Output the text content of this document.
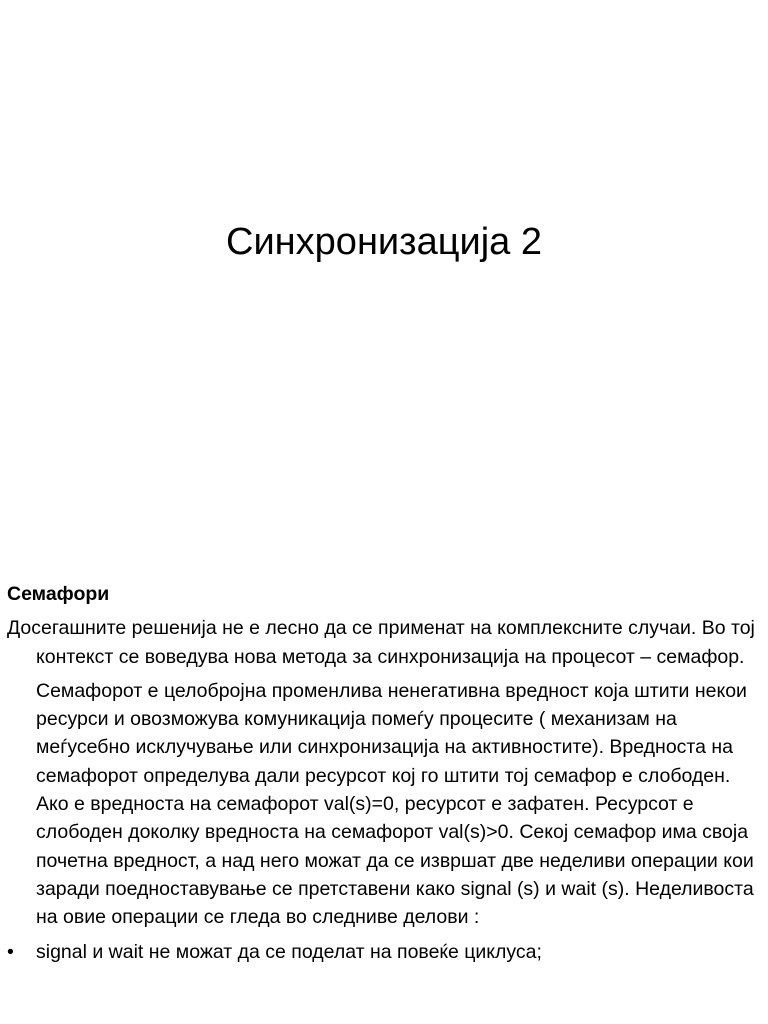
Синхронизација 2
Семафори

Досегашните решенија не е лесно да се применат на комплексните случаи. Во тој контекст се воведува нова метода за синхронизација на процесот – семафор.

Семафорот е целобројна променлива ненегативна вредност која штити некои ресурси и овозможува комуникација помеѓу процесите ( механизам на меѓусебно исклучување или синхронизација на активностите). Вредноста на семафорот определува дали ресурсот кој го штити тој семафор е слободен. Ако е вредноста на семафорот val(s)=0, ресурсот е зафатен. Ресурсот е слободен доколку вредноста на семафорот val(s)>0. Секој семафор има своја почетна вредност, а над него можат да се извршат две неделиви операции кои заради поедноставување се претставени како signal (s) и wait (s). Неделивоста на овие операции се гледа во следниве делови :

• signal и wait не можат да се поделат на повеќе циклуса;
